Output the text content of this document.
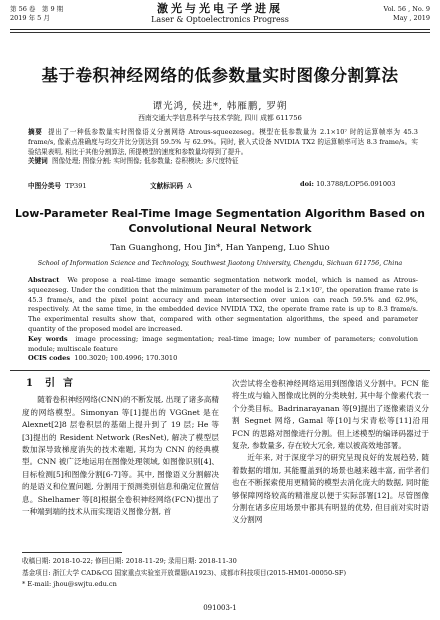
第 56 卷　第 9 期
2019 年 5 月
激光与光电子学进展
Laser & Optoelectronics Progress
Vol. 56 , No. 9
May , 2019
基于卷积神经网络的低参数量实时图像分割算法
谭光鸿, 侯进*, 韩雁鹏, 罗朔
西南交通大学信息科学与技术学院, 四川 成都 611756
摘要 提出了一种低参数量实时图像语义分割网络 Atrous-squeezeseg。模型在低参数量为 2.1×10⁷ 时的运算帧率为 45.3 frame/s, 像素点准确度与均交并比分别达到 59.5% 与 62.9%。同时, 嵌入式设备 NVIDIA TX2 的运算帧率可达 8.3 frame/s。实验结果表明, 相比于其他分割算法, 所提模型的速度和参数量均得到了提升。
关键词 图像处理; 图像分割; 实时图像; 低参数量; 卷积模块; 多尺度特征
中图分类号 TP391	文献标识码 A	doi: 10.3788/LOP56.091003
Low-Parameter Real-Time Image Segmentation Algorithm Based on Convolutional Neural Network
Tan Guanghong, Hou Jin*, Han Yanpeng, Luo Shuo
School of Information Science and Technology, Southwest Jiaotong University, Chengdu, Sichuan 611756, China
Abstract We propose a real-time image semantic segmentation network model, which is named as Atrous-squeezeseg. Under the condition that the minimum parameter of the model is 2.1×10⁷, the operation frame rate is 45.3 frame/s, and the pixel point accuracy and mean intersection over union can reach 59.5% and 62.9%, respectively. At the same time, in the embedded device NVIDIA TX2, the operate frame rate is up to 8.3 frame/s. The experimental results show that, compared with other segmentation algorithms, the speed and parameter quantity of the proposed model are increased.
Key words image processing; image segmentation; real-time image; low number of parameters; convolution module; multiscale feature
OCIS codes 100.3020; 100.4996; 170.3010
1 引言

随着卷积神经网络(CNN)的不断发展, 出现了诸多高精度的网络模型。Simonyan 等[1]提出的 VGGnet 是在 Alexnet[2]8 层卷积层的基础上提升到了 19 层; He 等[3]提出的 Resident Network (ResNet), 解决了模型层数加深导致梯度消失的技术难题, 其均为 CNN 的经典模型。CNN 被广泛地运用在图像处理领域, 如图像识别[4]、目标检测[5]和图像分割[6-7]等。其中, 图像语义分割解决的是语义和位置问题, 分割用于预测类别信息和确定位置信息。Shelhamer 等[8]根据全卷积神经网络(FCN)提出了一种端到端的技术从而实现语义图像分割, 首

次尝试将全卷积神经网络运用到图像语义分割中。FCN 能将生成与输入图像成比例的分类映射, 其中每个像素代表一个分类目标。Badrinarayanan 等[9]提出了逐像素语义分割 Segnet 网络, Gamal 等[10]与宋青松等[11]沿用 FCN 的思路对图像进行分割。但上述模型的编译码器过于复杂, 参数量多, 存在较大冗余, 难以被高效地部署。

近年来, 对于深度学习的研究呈现良好的发展趋势, 随着数据的增加, 其能覆盖到的场景也越来越丰富, 而学者们也在不断探索使用更精简的模型去消化庞大的数据, 同时能够保障网络较高的精准度以便于实际部署[12]。尽管图像分割在诸多应用场景中都具有明显的优势, 但目前对实时语义分割网

收稿日期: 2018-10-22; 修回日期: 2018-11-29; 录用日期: 2018-11-30
基金项目: 浙江大学 CAD&CG 国家重点实验室开放课题(A1923)、成都市科技项目(2015-HM01-00050-SF)
* E-mail: jhou@swjtu.edu.cn
091003-1
